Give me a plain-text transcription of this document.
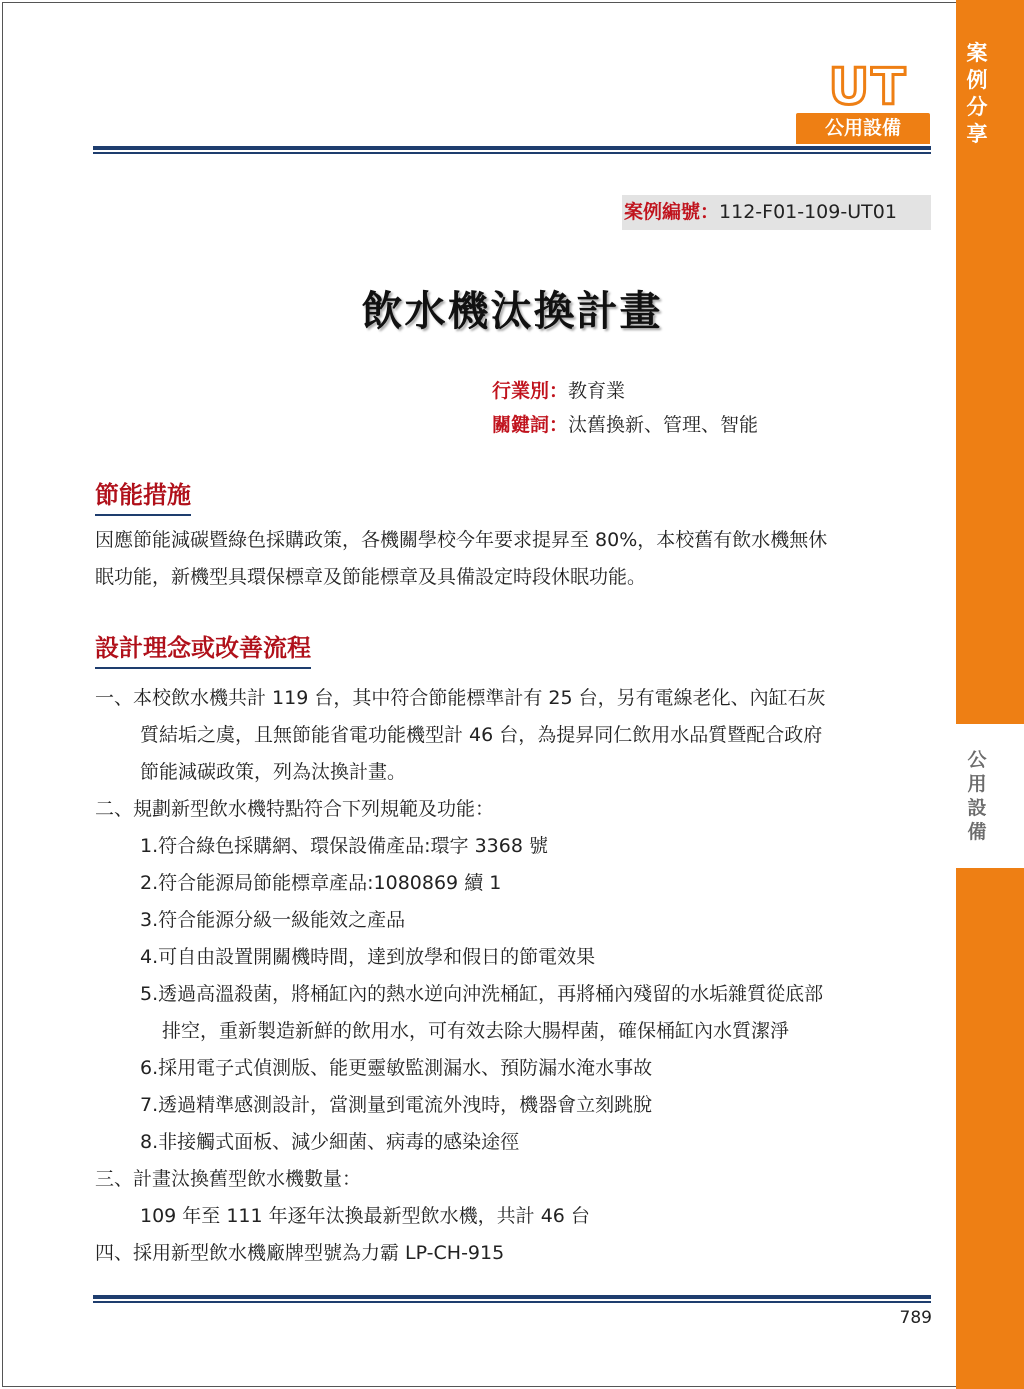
案
例
分
享
公
用
設
備
UT
公用設備
案例編號：112-F01-109-UT01
飲水機汰換計畫
行業別：教育業
關鍵詞：汰舊換新、管理、智能
節能措施
因應節能減碳暨綠色採購政策，各機關學校今年要求提昇至 80%，本校舊有飲水機無休
眠功能，新機型具環保標章及節能標章及具備設定時段休眠功能。
設計理念或改善流程
一、本校飲水機共計 119 台，其中符合節能標準計有 25 台，另有電線老化、內缸石灰
質結垢之虞，且無節能省電功能機型計 46 台，為提昇同仁飲用水品質暨配合政府
節能減碳政策，列為汰換計畫。
二、規劃新型飲水機特點符合下列規範及功能：
1.符合綠色採購網、環保設備產品:環字 3368 號
2.符合能源局節能標章產品:1080869 續 1
3.符合能源分級一級能效之產品
4.可自由設置開關機時間，達到放學和假日的節電效果
5.透過高溫殺菌，將桶缸內的熱水逆向沖洗桶缸，再將桶內殘留的水垢雜質從底部
排空，重新製造新鮮的飲用水，可有效去除大腸桿菌，確保桶缸內水質潔淨
6.採用電子式偵測版、能更靈敏監測漏水、預防漏水淹水事故
7.透過精準感測設計，當測量到電流外洩時，機器會立刻跳脫
8.非接觸式面板、減少細菌、病毒的感染途徑
三、計畫汰換舊型飲水機數量：
109 年至 111 年逐年汰換最新型飲水機，共計 46 台
四、採用新型飲水機廠牌型號為力霸 LP-CH-915
789
